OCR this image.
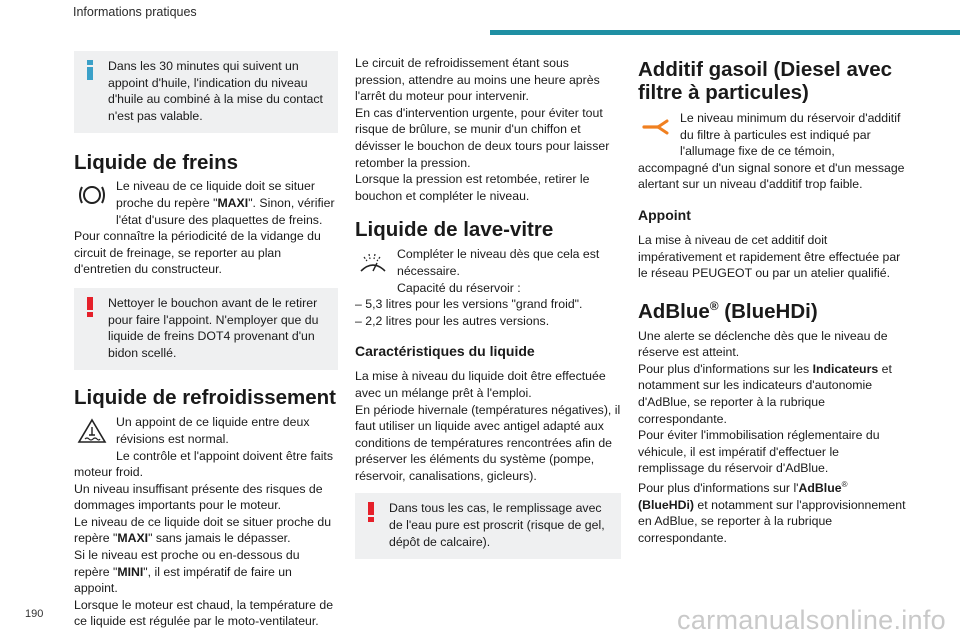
Informations pratiques

Dans les 30 minutes qui suivent un appoint d'huile, l'indication du niveau d'huile au combiné à la mise du contact n'est pas valable.

Liquide de freins

Le niveau de ce liquide doit se situer proche du repère "MAXI". Sinon, vérifier l'état d'usure des plaquettes de freins.

Pour connaître la périodicité de la vidange du circuit de freinage, se reporter au plan d'entretien du constructeur.

Nettoyer le bouchon avant de le retirer pour faire l'appoint. N'employer que du liquide de freins DOT4 provenant d'un bidon scellé.

Liquide de refroidissement

Un appoint de ce liquide entre deux révisions est normal.

Le contrôle et l'appoint doivent être faits moteur froid.

Un niveau insuffisant présente des risques de dommages importants pour le moteur.

Le niveau de ce liquide doit se situer proche du repère "MAXI" sans jamais le dépasser.

Si le niveau est proche ou en-dessous du repère "MINI", il est impératif de faire un appoint.

Lorsque le moteur est chaud, la température de ce liquide est régulée par le moto-ventilateur.

Le circuit de refroidissement étant sous pression, attendre au moins une heure après l'arrêt du moteur pour intervenir.

En cas d'intervention urgente, pour éviter tout risque de brûlure, se munir d'un chiffon et dévisser le bouchon de deux tours pour laisser retomber la pression.

Lorsque la pression est retombée, retirer le bouchon et compléter le niveau.

Liquide de lave-vitre

Compléter le niveau dès que cela est nécessaire.

Capacité du réservoir :

– 5,3 litres pour les versions "grand froid".

– 2,2 litres pour les autres versions.

Caractéristiques du liquide

La mise à niveau du liquide doit être effectuée avec un mélange prêt à l'emploi.

En période hivernale (températures négatives), il faut utiliser un liquide avec antigel adapté aux conditions de températures rencontrées afin de préserver les éléments du système (pompe, réservoir, canalisations, gicleurs).

Dans tous les cas, le remplissage avec de l'eau pure est proscrit (risque de gel, dépôt de calcaire).

Additif gasoil (Diesel avec filtre à particules)

Le niveau minimum du réservoir d'additif du filtre à particules est indiqué par l'allumage fixe de ce témoin, accompagné d'un signal sonore et d'un message alertant sur un niveau d'additif trop faible.

Appoint

La mise à niveau de cet additif doit impérativement et rapidement être effectuée par le réseau PEUGEOT ou par un atelier qualifié.

AdBlue® (BlueHDi)

Une alerte se déclenche dès que le niveau de réserve est atteint.

Pour plus d'informations sur les Indicateurs et notamment sur les indicateurs d'autonomie d'AdBlue, se reporter à la rubrique correspondante.

Pour éviter l'immobilisation réglementaire du véhicule, il est impératif d'effectuer le remplissage du réservoir d'AdBlue.

Pour plus d'informations sur l'AdBlue®
(BlueHDi) et notamment sur l'approvisionnement en AdBlue, se reporter à la rubrique correspondante.

190	carmanualsonline.info
